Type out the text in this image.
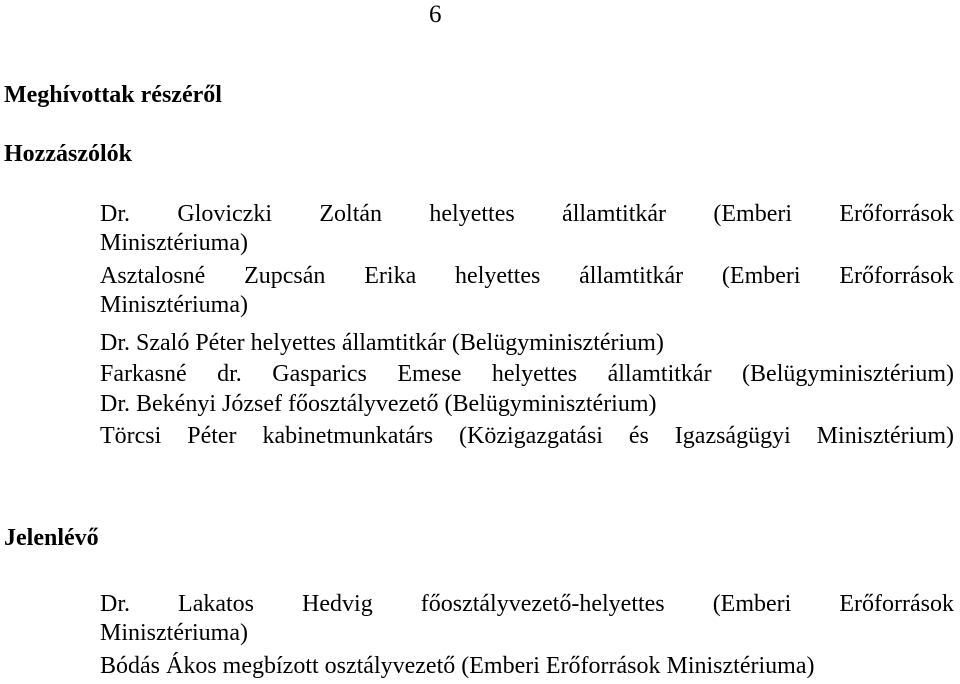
6
Meghívottak részéről
Hozzászólók
Dr. Gloviczki Zoltán helyettes államtitkár (Emberi Erőforrások
Minisztériuma)
Asztalosné Zupcsán Erika helyettes államtitkár (Emberi Erőforrások
Minisztériuma)
Dr. Szaló Péter helyettes államtitkár (Belügyminisztérium)
Farkasné dr. Gasparics Emese helyettes államtitkár (Belügyminisztérium)
Dr. Bekényi József főosztályvezető (Belügyminisztérium)
Törcsi Péter kabinetmunkatárs (Közigazgatási és Igazságügyi Minisztérium)
Jelenlévő
Dr. Lakatos Hedvig főosztályvezető-helyettes (Emberi Erőforrások
Minisztériuma)
Bódás Ákos megbízott osztályvezető (Emberi Erőforrások Minisztériuma)
